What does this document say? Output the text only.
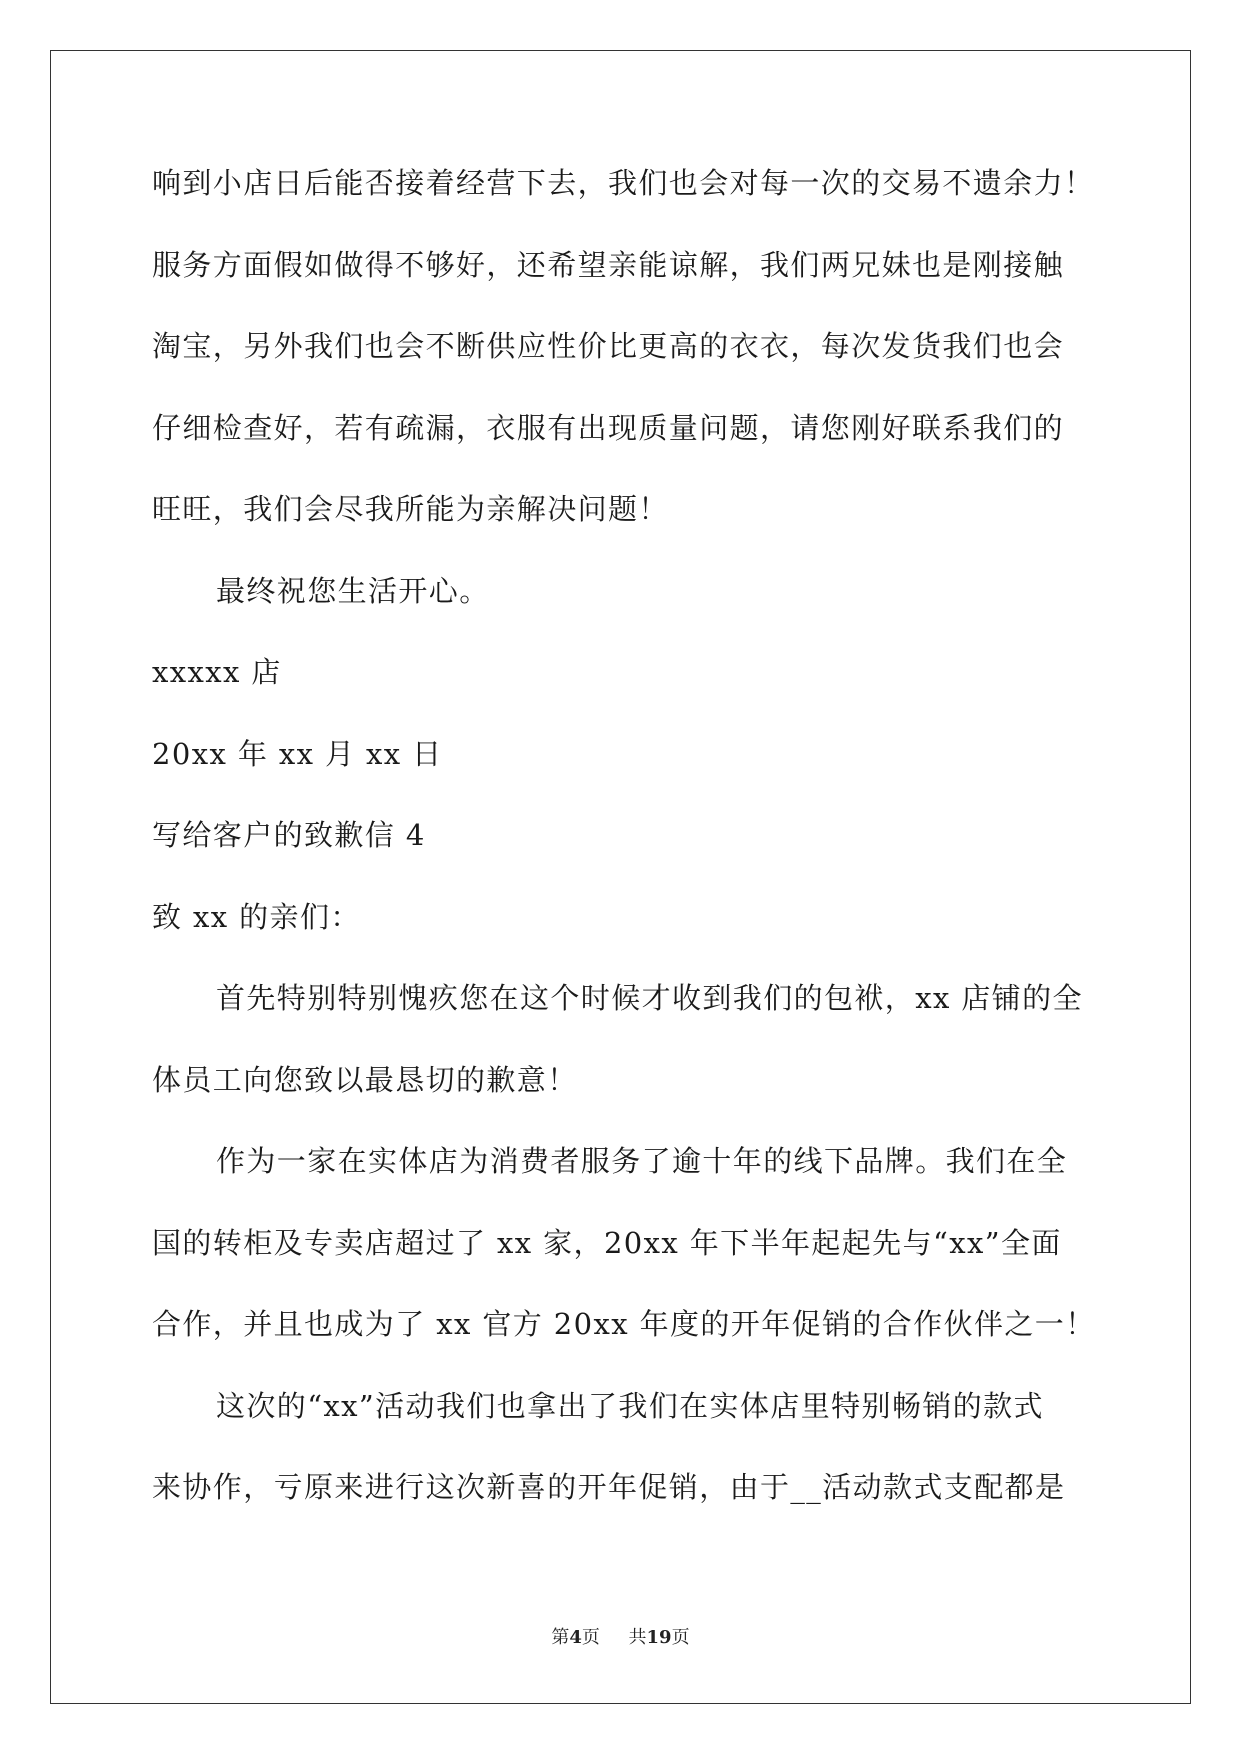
响到小店日后能否接着经营下去，我们也会对每一次的交易不遗余力！
服务方面假如做得不够好，还希望亲能谅解，我们两兄妹也是刚接触
淘宝，另外我们也会不断供应性价比更高的衣衣，每次发货我们也会
仔细检查好，若有疏漏，衣服有出现质量问题，请您刚好联系我们的
旺旺，我们会尽我所能为亲解决问题！
最终祝您生活开心。
xxxxx 店
20xx 年 xx 月 xx 日
写给客户的致歉信 4
致 xx 的亲们：
首先特别特别愧疚您在这个时候才收到我们的包袱，xx 店铺的全
体员工向您致以最恳切的歉意！
作为一家在实体店为消费者服务了逾十年的线下品牌。我们在全
国的转柜及专卖店超过了 xx 家，20xx 年下半年起起先与“xx”全面
合作，并且也成为了 xx 官方 20xx 年度的开年促销的合作伙伴之一！
这次的“xx”活动我们也拿出了我们在实体店里特别畅销的款式
来协作，亏原来进行这次新喜的开年促销，由于__活动款式支配都是
第4页 共19页
